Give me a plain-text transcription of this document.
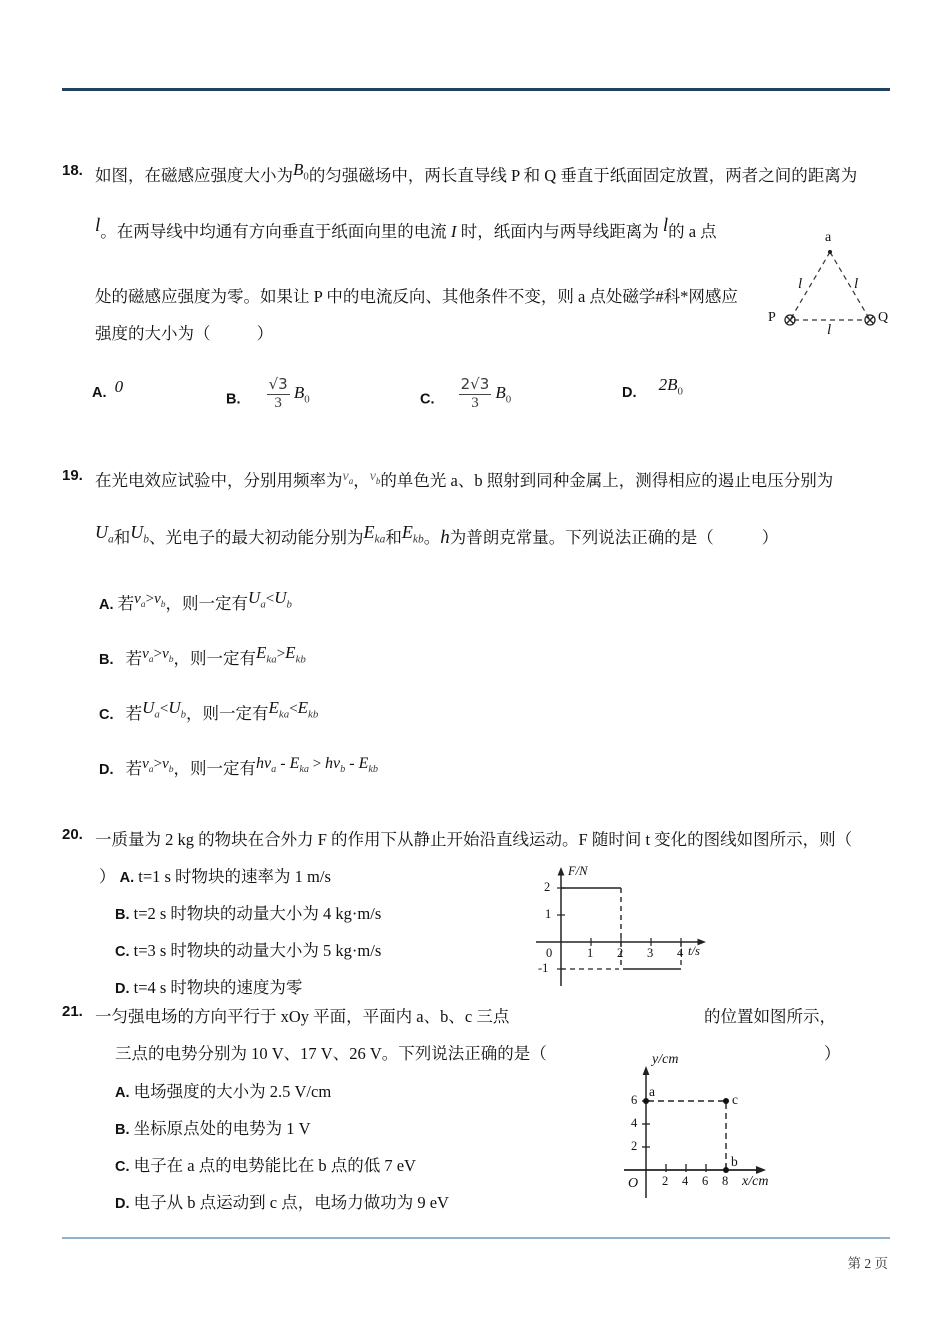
第 2 页
18. 如图，在磁感应强度大小为$B_0$的匀强磁场中，两长直导线 P 和 Q 垂直于纸面固定放置，两者之间的距离为
l。在两导线中均通有方向垂直于纸面向里的电流 I 时，纸面内与两导线距离为 l的 a 点
处的磁感应强度为零。如果让 P 中的电流反向、其他条件不变，则 a 点处磁学#科*网感应
强度的大小为（	）
a
P	Q
l	l
l
A. 0
B. $\frac{√3}{3} B_0$	C. $\frac{2√3}{3} B_0$	D. $2B_0$
19. 在光电效应试验中，分别用频率为$^{\nu_a}$，$^{\nu_b}$的单色光 a、b 照射到同种金属上，测得相应的遏止电压分别为
$U_a$和$U_b$、光电子的最大初动能分别为$E_{ka}$和$E_{kb}$。h为普朗克常量。下列说法正确的是（	）
A. 若$\nu_a>\nu_b$，则一定有$U_a<U_b$
B. 若$\nu_a>\nu_b$，则一定有$E_{ka}>E_{kb}$
C. 若$U_a<U_b$，则一定有$E_{ka}<E_{kb}$
D. 若$\nu_a>\nu_b$，则一定有$h\nu_a - E_{ka} > h\nu_b - E_{kb}$
20. 一质量为 2 kg 的物块在合外力 F 的作用下从静止开始沿直线运动。F 随时间 t 变化的图线如图所示，则（
） A. t=1 s 时物块的速率为 1 m/s
B. t=2 s 时物块的动量大小为 4 kg·m/s
C. t=3 s 时物块的动量大小为 5 kg·m/s
D. t=4 s 时物块的速度为零
F/N
t/s
2
1
0
-1
1 2 3 4
21. 一匀强电场的方向平行于 xOy 平面，平面内 a、b、c 三点	的位置如图所示，
三点的电势分别为 10 V、17 V、26 V。下列说法正确的是（	）
A. 电场强度的大小为 2.5 V/cm
B. 坐标原点处的电势为 1 V
C. 电子在 a 点的电势能比在 b 点的低 7 eV
D. 电子从 b 点运动到 c 点，电场力做功为 9 eV
y/cm
x/cm
O
6
4
2
2 4 6 8
a
c
b
